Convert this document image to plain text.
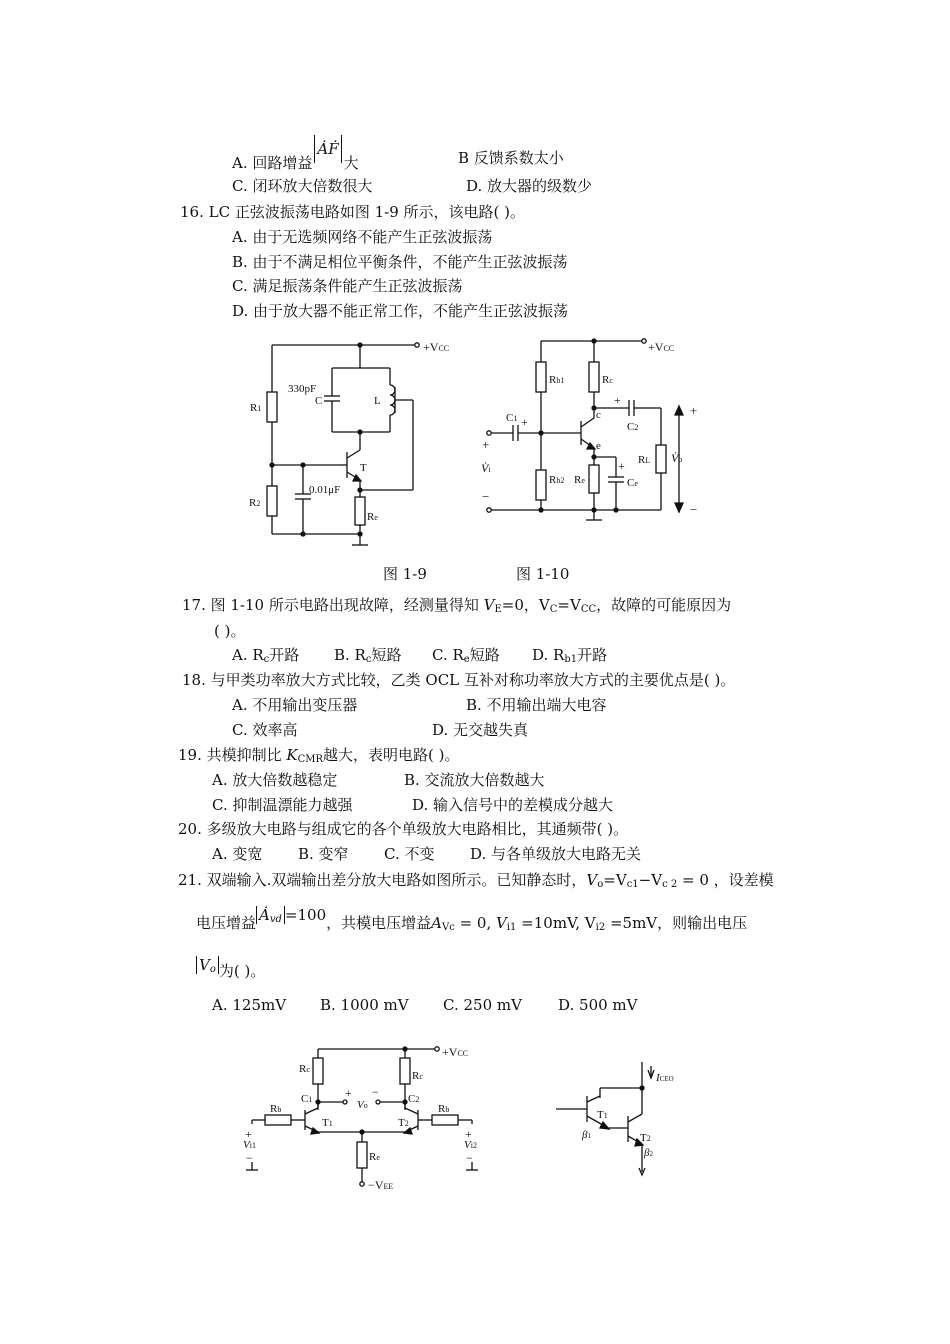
A. 回路增益ȦḞ大	B 反馈系数太小
C. 闭环放大倍数很大	D. 放大器的级数少
16. LC 正弦波振荡电路如图 1-9 所示，该电路( )。
A. 由于无选频网络不能产生正弦波振荡
B. 由于不满足相位平衡条件，不能产生正弦波振荡
C. 满足振荡条件能产生正弦波振荡
D. 由于放大器不能正常工作，不能产生正弦波振荡
+VCC
R1
R2
0.01μF
330pF
C	L
T
Re
图 1-9
+VCC
Rb1
Rb2
Rc
C1 +	c
e
+
C2
RL
Re
+
Ce
+
V̇i
−
+
V̇o
−
图 1-10
17. 图 1-10 所示电路出现故障，经测量得知 $V_E=0$，$V_C=V_{CC}$，故障的可能原因为
( )。
A. $R_c$开路 B. $R_c$短路 C. $R_e$短路 D. $R_{b1}$开路
18. 与甲类功率放大方式比较，乙类 OCL 互补对称功率放大方式的主要优点是( )。
A. 不用输出变压器	B. 不用输出端大电容
C. 效率高	D. 无交越失真
19. 共模抑制比 $K_{CMR}$越大，表明电路( )。
A. 放大倍数越稳定	B. 交流放大倍数越大
C. 抑制温漂能力越强	D. 输入信号中的差模成分越大
20. 多级放大电路与组成它的各个单级放大电路相比，其通频带( )。
A. 变宽 B. 变窄 C. 不变 D. 与各单级放大电路无关
21. 双端输入.双端输出差分放大电路如图所示。已知静态时，$V_o=V_{c1}-V_{c 2} = 0$ ，设差模
电压增益 $Ȧ_{vd} =100$，共模电压增益$A_{Vc} = 0$, $V_{i1} =10mV$, $V_{i2} =5mV$，则输出电压
$V_o$ 为( )。
A. 125mV B. 1000 mV C. 250 mV D. 500 mV
+VCC
Rc
Rc
C1	C2
+ −
Vo
T1	T2
Re
−VEE
Rb
+
Vi1
−
Rb
+
Vi2
−
ICEO
T1
β1	T2
β2
